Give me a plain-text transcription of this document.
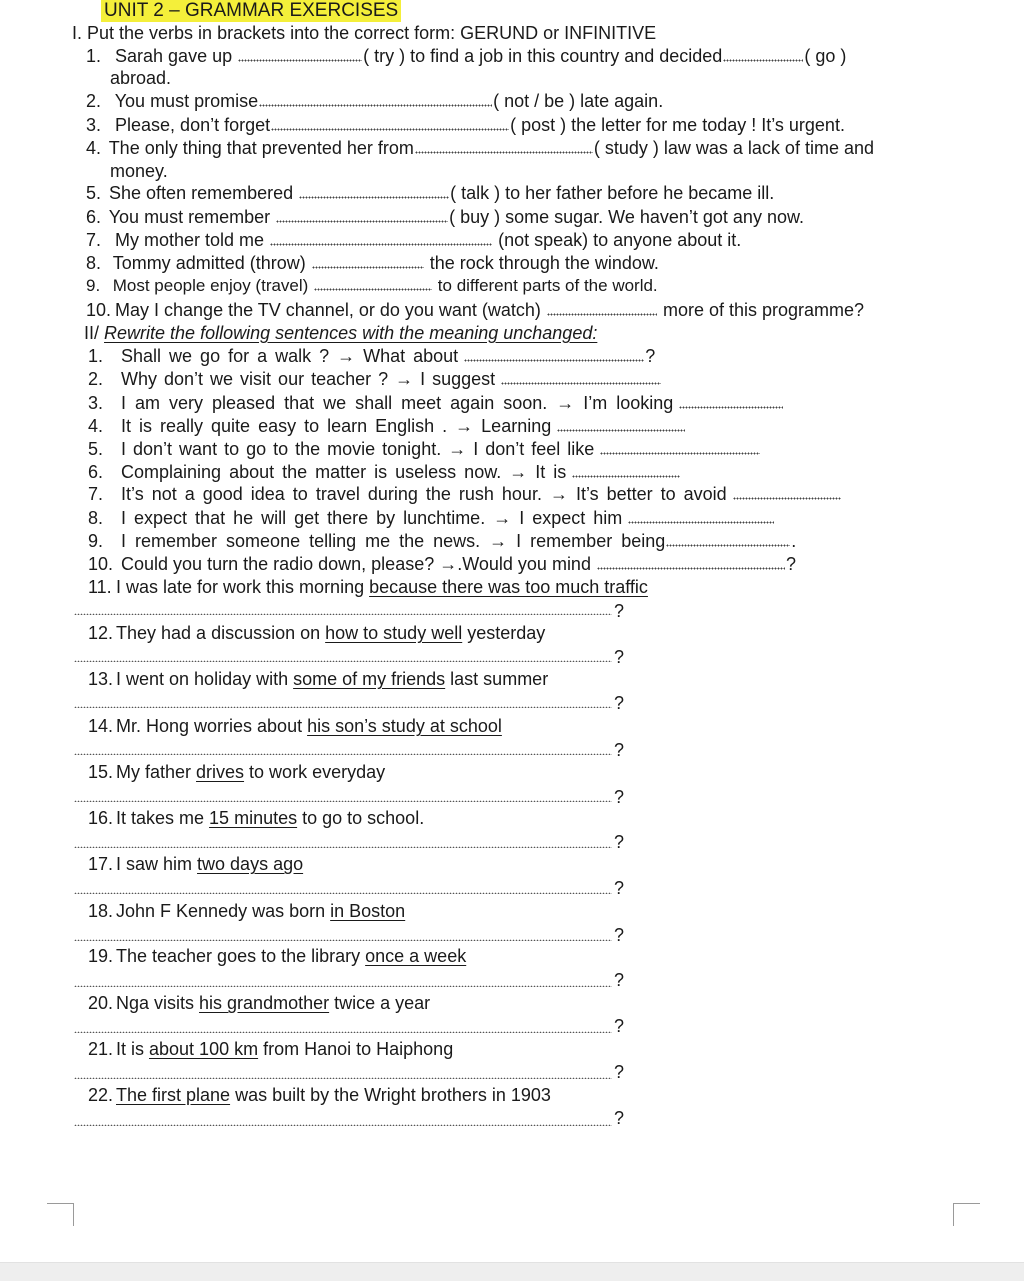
UNIT 2 – GRAMMAR EXERCISES
I. Put the verbs in brackets into the correct form: GERUND or INFINITIVE
1. Sarah gave up	( try ) to find a job in this country and decided	( go )
abroad.
2. You must promise	( not / be ) late again.
3. Please, don’t forget	( post ) the letter for me today ! It’s urgent.
4. The only thing that prevented her from	( study ) law was a lack of time and
money.
5. She often remembered	( talk ) to her father before he became ill.
6. You must remember	( buy ) some sugar. We haven’t got any now.
7. My mother told me	(not speak) to anyone about it.
8. Tommy admitted (throw)	the rock through the window.
9. Most people enjoy (travel)	to different parts of the world.
10. May I change the TV channel, or do you want (watch)	more of this programme?
II/ Rewrite the following sentences with the meaning unchanged:
1. Shall we go for a walk ? → What about	?
2. Why don’t we visit our teacher ? → I suggest
3. I am very pleased that we shall meet again soon. → I’m looking
4. It is really quite easy to learn English . → Learning
5. I don’t want to go to the movie tonight. → I don’t feel like
6. Complaining about the matter is useless now. → It is
7. It’s not a good idea to travel during the rush hour. → It’s better to avoid
8. I expect that he will get there by lunchtime. → I expect him
9. I remember someone telling me the news. → I remember being	.
10. Could you turn the radio down, please? →.Would you mind	?
11. I was late for work this morning because there was too much traffic
?
12. They had a discussion on how to study well yesterday
?
13. I went on holiday with some of my friends last summer
?
14. Mr. Hong worries about his son’s study at school
?
15. My father drives to work everyday
?
16. It takes me 15 minutes to go to school.
?
17. I saw him two days ago
?
18. John F Kennedy was born in Boston
?
19. The teacher goes to the library once a week
?
20. Nga visits his grandmother twice a year
?
21. It is about 100 km from Hanoi to Haiphong
?
22. The first plane was built by the Wright brothers in 1903
?
